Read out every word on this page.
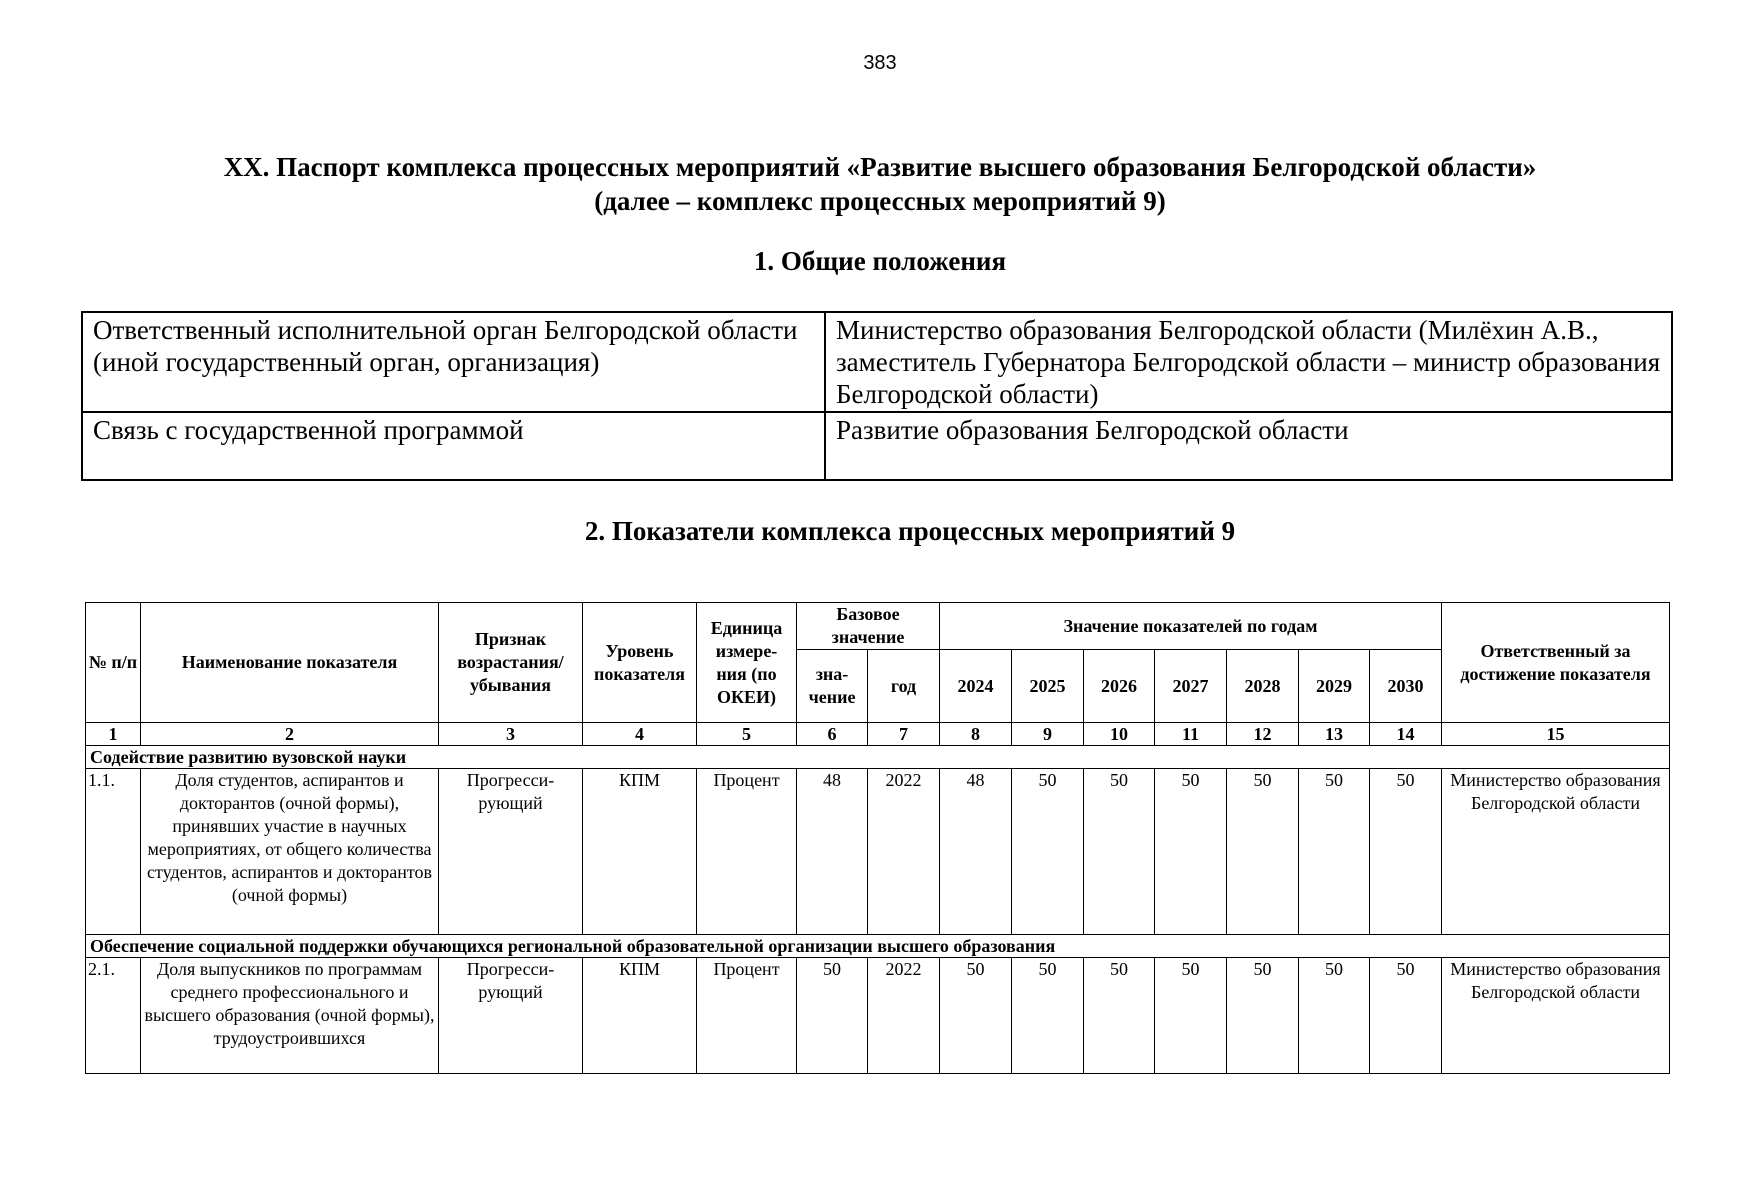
383
XX. Паспорт комплекса процессных мероприятий «Развитие высшего образования Белгородской области»
(далее – комплекс процессных мероприятий 9)
1. Общие положения
Ответственный исполнительной орган Белгородской области (иной государственный орган, организация)	Министерство образования Белгородской области (Милёхин А.В., заместитель Губернатора Белгородской области – министр образования Белгородской области)
Связь с государственной программой	Развитие образования Белгородской области
2. Показатели комплекса процессных мероприятий 9
№ п/п	Наименование показателя	Признак возрастания/ убывания	Уровень показателя	Единица измере- ния (по ОКЕИ)	Базовое значение		Значение показателей по годам							Ответственный за достижение показателя
					зна- чение	год	2024	2025	2026	2027	2028	2029	2030	
1	2	3	4	5	6	7	8	9	10	11	12	13	14	15
Содействие развитию вузовской науки														
1.1.	Доля студентов, аспирантов и докторантов (очной формы), принявших участие в научных мероприятиях, от общего количества студентов, аспирантов и докторантов (очной формы)	Прогресси- рующий	КПМ	Процент	48	2022	48	50	50	50	50	50	50	Министерство образования Белгородской области
Обеспечение социальной поддержки обучающихся региональной образовательной организации высшего образования														
2.1.	Доля выпускников по программам среднего профессионального и высшего образования (очной формы), трудоустроившихся	Прогресси- рующий	КПМ	Процент	50	2022	50	50	50	50	50	50	50	Министерство образования Белгородской области
